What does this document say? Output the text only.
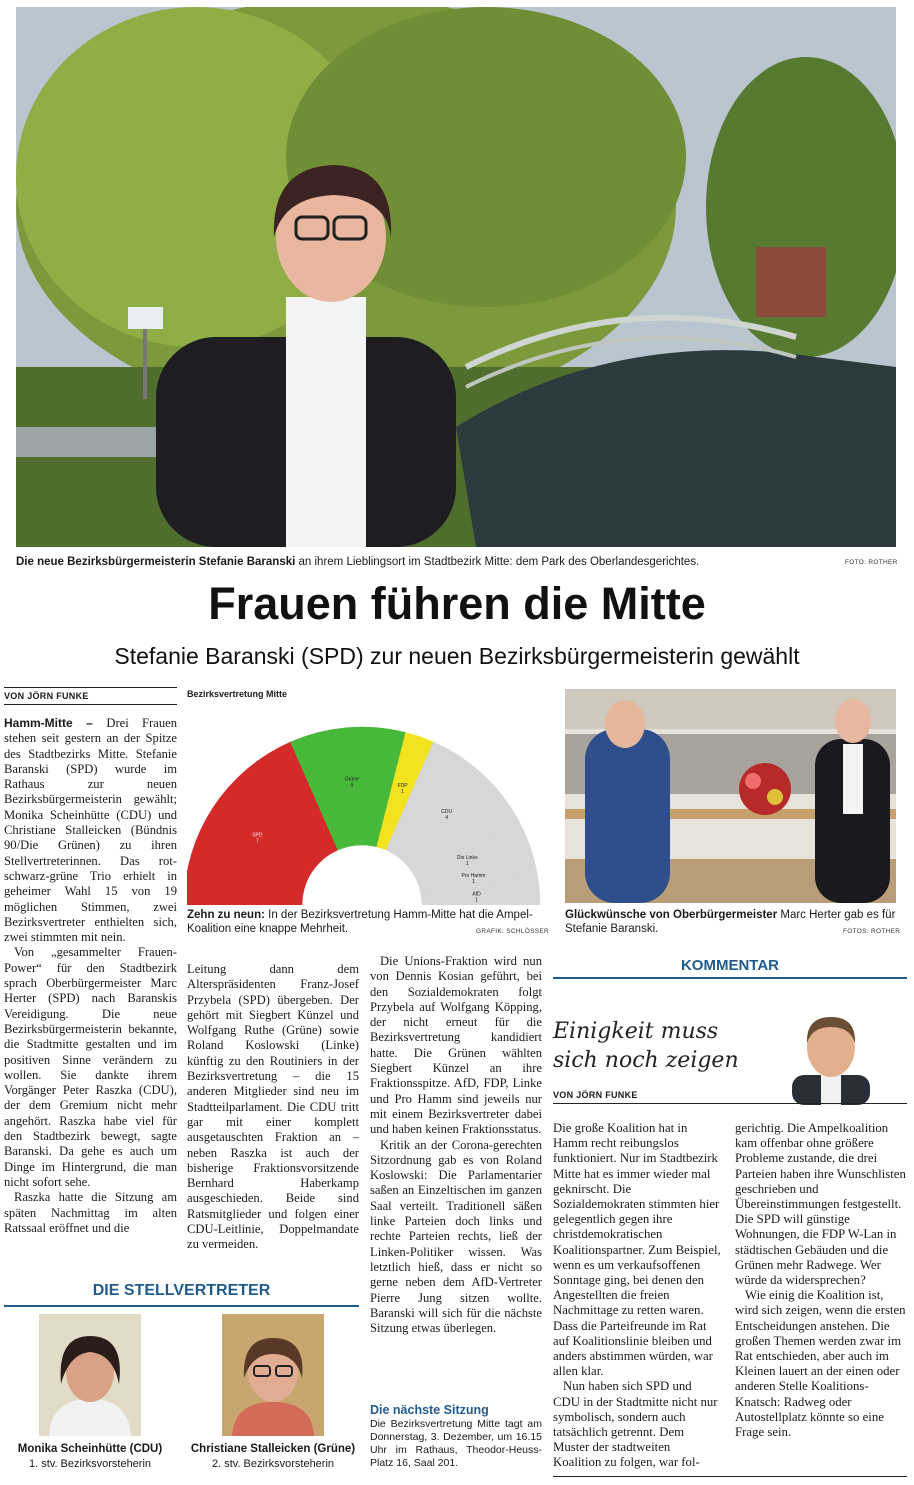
Die neue Bezirksbürgermeisterin Stefanie Baranski an ihrem Lieblingsort im Stadtbezirk Mitte: dem Park des Oberlandesgerichtes.	FOTO: ROTHER
Frauen führen die Mitte
Stefanie Baranski (SPD) zur neuen Bezirksbürgermeisterin gewählt
VON JÖRN FUNKE

Hamm-Mitte – Drei Frauen stehen seit gestern an der Spitze des Stadtbezirks Mitte. Stefanie Baranski (SPD) wurde im Rathaus zur neuen Bezirksbürgermeisterin gewählt; Monika Scheinhütte (CDU) und Christiane Stalleicken (Bündnis 90/Die Grünen) zu ihren Stellvertreterinnen. Das rot-schwarz-grüne Trio erhielt in geheimer Wahl 15 von 19 möglichen Stimmen, zwei Bezirksvertreter enthielten sich, zwei stimmten mit nein.

Von „gesammelter Frauen-Power“ für den Stadtbezirk sprach Oberbürgermeister Marc Herter (SPD) nach Baranskis Vereidigung. Die neue Bezirksbürgermeisterin bekannte, die Stadtmitte gestalten und im positiven Sinne verändern zu wollen. Sie dankte ihrem Vorgänger Peter Raszka (CDU), der dem Gremium nicht mehr angehört. Raszka habe viel für den Stadtbezirk bewegt, sagte Baranski. Da gehe es auch um Dinge im Hintergrund, die man nicht sofort sehe.

Raszka hatte die Sitzung am späten Nachmittag im alten Ratssaal eröffnet und die

Leitung dann dem Alterspräsidenten Franz-Josef Przybela (SPD) übergeben. Der gehört mit Siegbert Künzel und Wolfgang Ruthe (Grüne) sowie Roland Koslowski (Linke) künftig zu den Routiniers in der Bezirksvertretung – die 15 anderen Mitglieder sind neu im Stadtteilparlament. Die CDU tritt gar mit einer komplett ausgetauschten Fraktion an – neben Raszka ist auch der bisherige Fraktionsvorsitzende Bernhard Haberkamp ausgeschieden. Beide sind Ratsmitglieder und folgen einer CDU-Leitlinie, Doppelmandate zu vermeiden.

Die Unions-Fraktion wird nun von Dennis Kosian geführt, bei den Sozialdemokraten folgt Przybela auf Wolfgang Köpping, der nicht erneut für die Bezirksvertretung kandidiert hatte. Die Grünen wählten Siegbert Künzel an ihre Fraktionsspitze. AfD, FDP, Linke und Pro Hamm sind jeweils nur mit einem Bezirksvertreter dabei und haben keinen Fraktionsstatus.

Kritik an der Corona-gerechten Sitzordnung gab es von Roland Koslowski: Die Parlamentarier saßen an Einzeltischen im ganzen Saal verteilt. Traditionell säßen linke Parteien doch links und rechte Parteien rechts, ließ der Linken-Politiker wissen. Was letztlich hieß, dass er nicht so gerne neben dem AfD-Vertreter Pierre Jung sitzen wollte. Baranski will sich für die nächste Sitzung etwas überlegen.

Die nächste Sitzung
Die Bezirksvertretung Mitte tagt am Donnerstag, 3. Dezember, um 16.15 Uhr im Rathaus, Theodor-Heuss-Platz 16, Saal 201.
Bezirksvertretung Mitte
SPD
7
Grüne
4	FDP
1
CDU
4
Die Linke
1
Pro Hamm
1
AfD
1
Zehn zu neun: In der Bezirksvertretung Hamm-Mitte hat die Ampel-Koalition eine knappe Mehrheit.	GRAFIK: SCHLÖSSER
Glückwünsche von Oberbürgermeister Marc Herter gab es für Stefanie Baranski.	FOTOS: ROTHER
KOMMENTAR
Einigkeit muss
sich noch zeigen
VON JÖRN FUNKE

Die große Koalition hat in Hamm recht reibungslos funktioniert. Nur im Stadtbezirk Mitte hat es immer wieder mal geknirscht. Die Sozialdemokraten stimmten hier gelegentlich gegen ihre christdemokratischen Koalitionspartner. Zum Beispiel, wenn es um verkaufsoffenen Sonntage ging, bei denen den Angestellten die freien Nachmittage zu retten waren. Dass die Parteifreunde im Rat auf Koalitionslinie bleiben und anders abstimmen würden, war allen klar.

Nun haben sich SPD und CDU in der Stadtmitte nicht nur symbolisch, sondern auch tatsächlich getrennt. Dem Muster der stadtweiten Koalition zu folgen, war fol-

gerichtig. Die Ampelkoalition kam offenbar ohne größere Probleme zustande, die drei Parteien haben ihre Wunschlisten geschrieben und Übereinstimmungen festgestellt. Die SPD will günstige Wohnungen, die FDP W-Lan in städtischen Gebäuden und die Grünen mehr Radwege. Wer würde da widersprechen?

Wie einig die Koalition ist, wird sich zeigen, wenn die ersten Entscheidungen anstehen. Die großen Themen werden zwar im Rat entschieden, aber auch im Kleinen lauert an der einen oder anderen Stelle Koalitions-Knatsch: Radweg oder Autostellplatz könnte so eine Frage sein.

DIE STELLVERTRETER
Monika Scheinhütte (CDU)
1. stv. Bezirksvorsteherin
Christiane Stalleicken (Grüne)
2. stv. Bezirksvorsteherin
